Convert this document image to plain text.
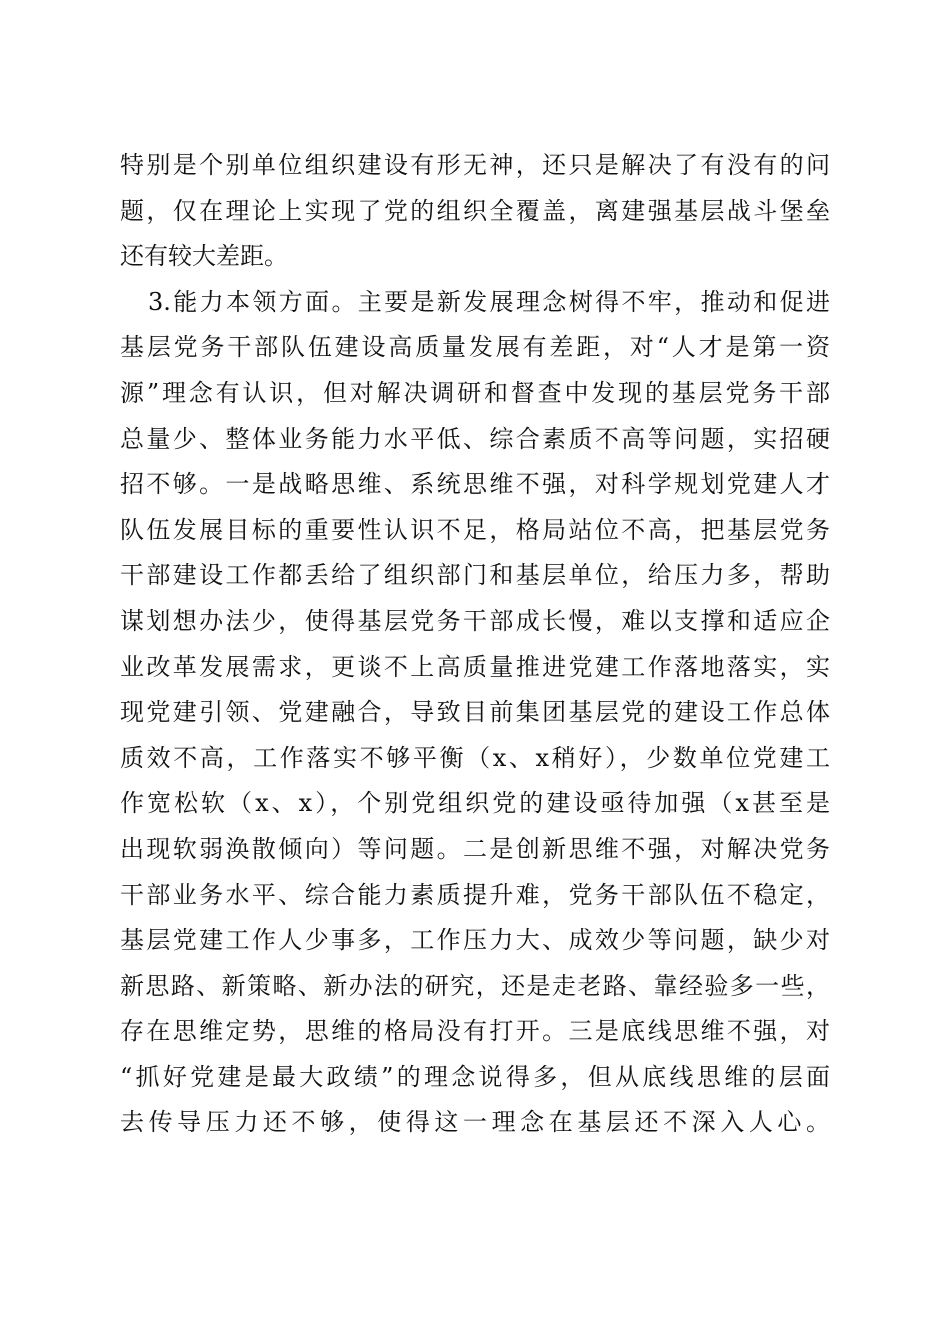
特别是个别单位组织建设有形无神，还只是解决了有没有的问
题，仅在理论上实现了党的组织全覆盖，离建强基层战斗堡垒
还有较大差距。
3.能力本领方面。主要是新发展理念树得不牢，推动和促进
基层党务干部队伍建设高质量发展有差距，对“人才是第一资
源”理念有认识，但对解决调研和督查中发现的基层党务干部
总量少、整体业务能力水平低、综合素质不高等问题，实招硬
招不够。一是战略思维、系统思维不强，对科学规划党建人才
队伍发展目标的重要性认识不足，格局站位不高，把基层党务
干部建设工作都丢给了组织部门和基层单位，给压力多，帮助
谋划想办法少，使得基层党务干部成长慢，难以支撑和适应企
业改革发展需求，更谈不上高质量推进党建工作落地落实，实
现党建引领、党建融合，导致目前集团基层党的建设工作总体
质效不高，工作落实不够平衡（x、x稍好），少数单位党建工
作宽松软（x、x），个别党组织党的建设亟待加强（x甚至是
出现软弱涣散倾向）等问题。二是创新思维不强，对解决党务
干部业务水平、综合能力素质提升难，党务干部队伍不稳定，
基层党建工作人少事多，工作压力大、成效少等问题，缺少对
新思路、新策略、新办法的研究，还是走老路、靠经验多一些，
存在思维定势，思维的格局没有打开。三是底线思维不强，对
“抓好党建是最大政绩”的理念说得多，但从底线思维的层面
去传导压力还不够，使得这一理念在基层还不深入人心。
